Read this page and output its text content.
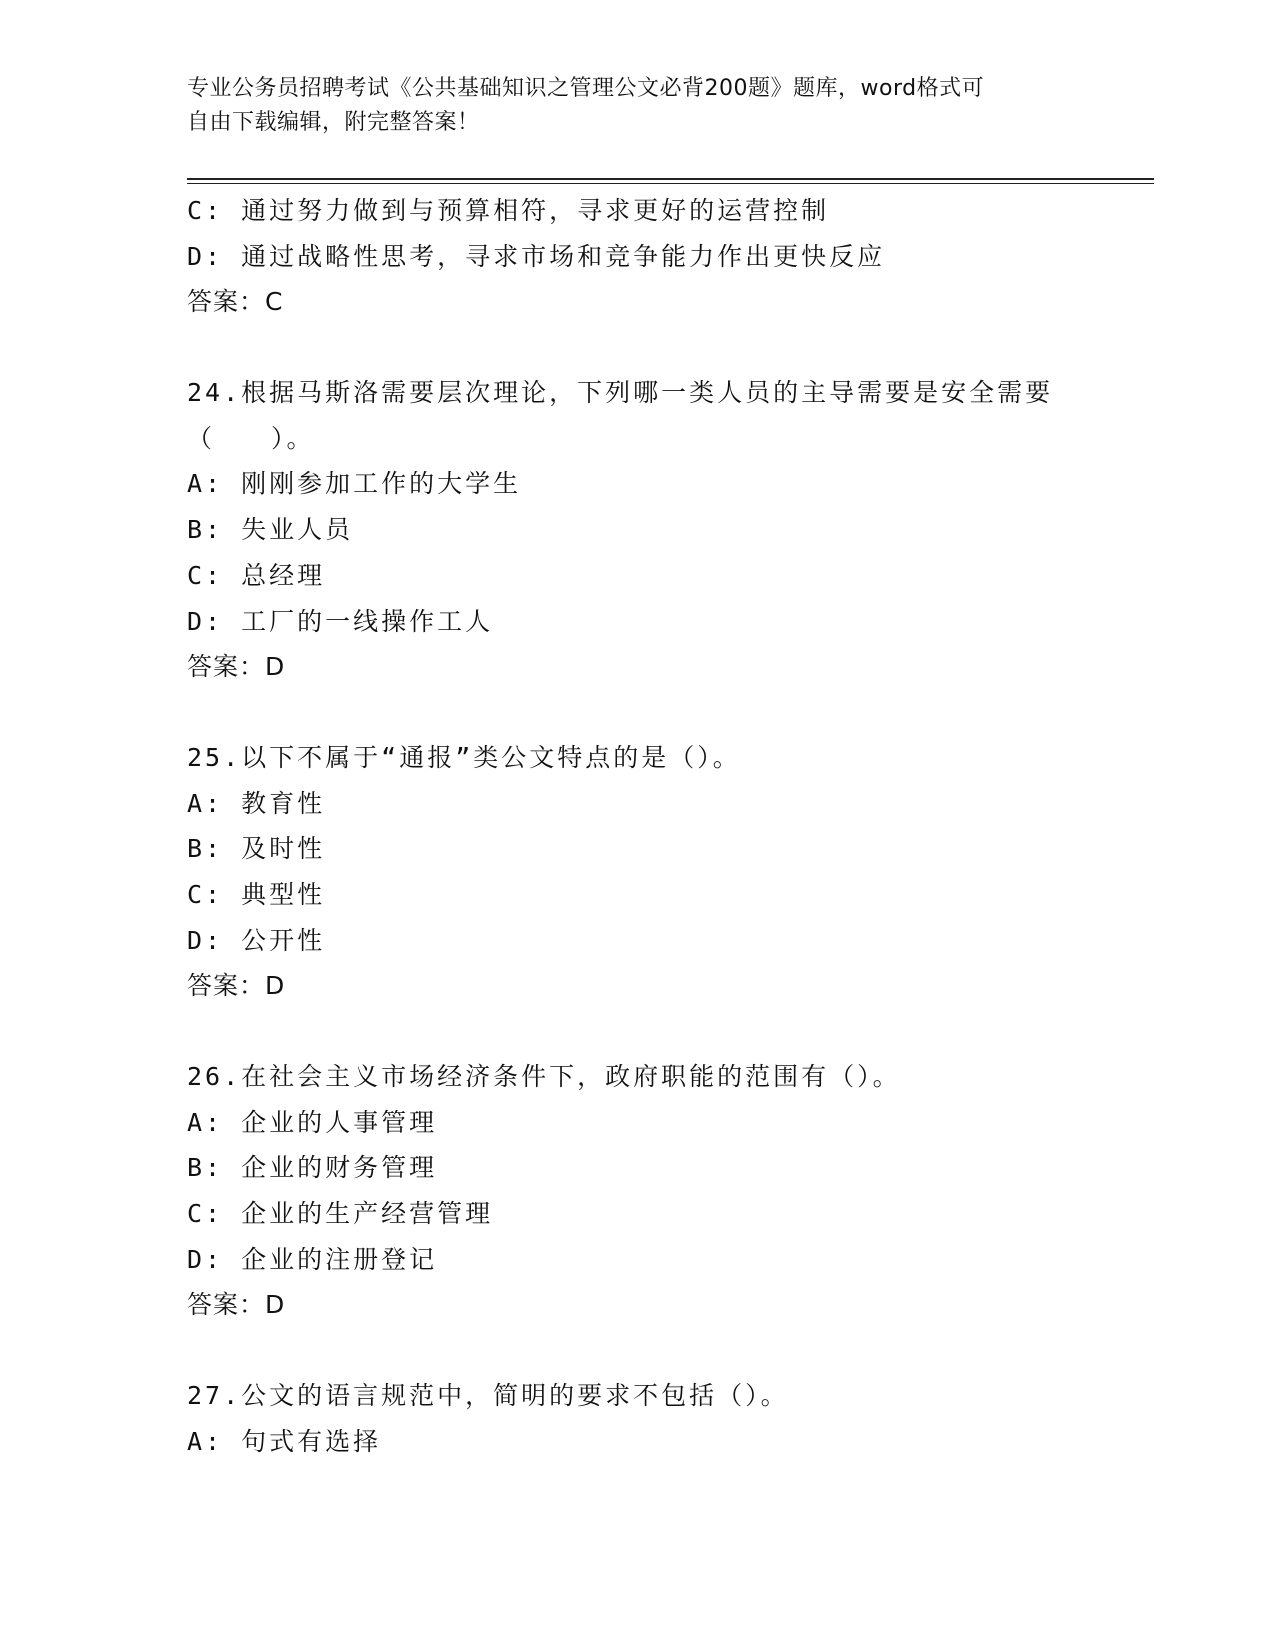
专业公务员招聘考试《公共基础知识之管理公文必背200题》题库，word格式可
自由下载编辑，附完整答案！
C: 通过努力做到与预算相符，寻求更好的运营控制
D: 通过战略性思考，寻求市场和竞争能力作出更快反应
答案：C
24.根据马斯洛需要层次理论，下列哪一类人员的主导需要是安全需要
（　　）。
A: 刚刚参加工作的大学生
B: 失业人员
C: 总经理
D: 工厂的一线操作工人
答案：D
25.以下不属于“通报”类公文特点的是（）。
A: 教育性
B: 及时性
C: 典型性
D: 公开性
答案：D
26.在社会主义市场经济条件下，政府职能的范围有（）。
A: 企业的人事管理
B: 企业的财务管理
C: 企业的生产经营管理
D: 企业的注册登记
答案：D
27.公文的语言规范中，简明的要求不包括（）。
A: 句式有选择
